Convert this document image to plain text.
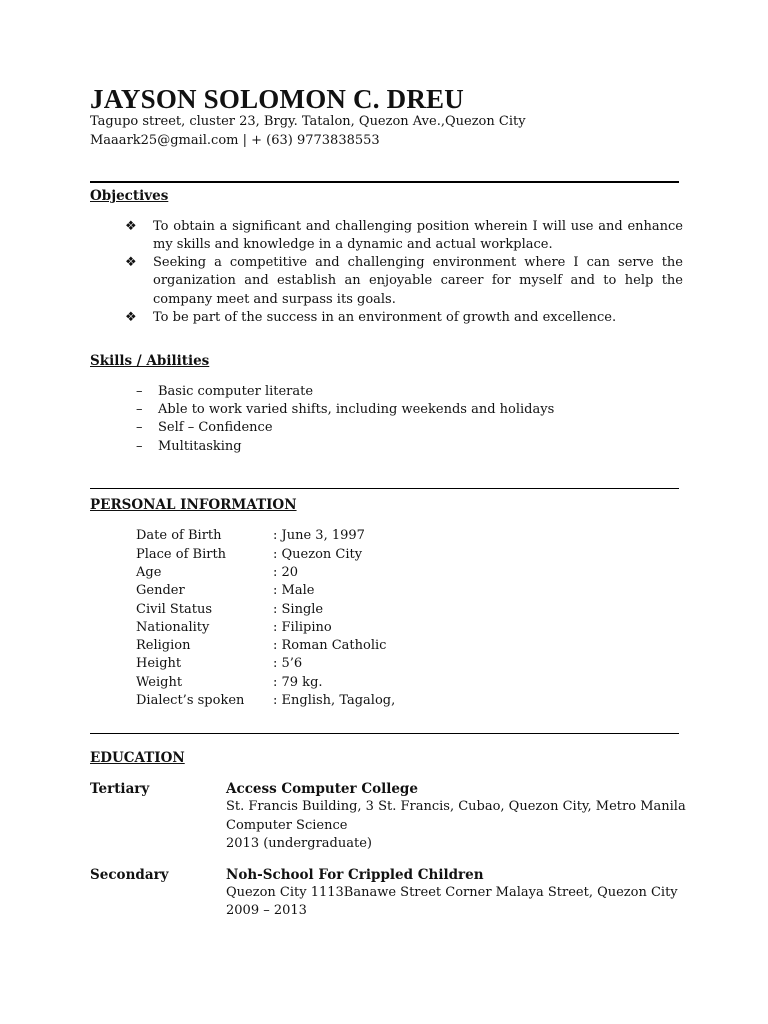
JAYSON SOLOMON C. DREU
Tagupo street, cluster 23, Brgy. Tatalon, Quezon Ave.,Quezon City
Maaark25@gmail.com | + (63) 9773838553
Objectives
❖ To obtain a significant and challenging position wherein I will use and enhance my skills and knowledge in a dynamic and actual workplace.
❖ Seeking a competitive and challenging environment where I can serve the organization and establish an enjoyable career for myself and to help the company meet and surpass its goals.
❖ To be part of the success in an environment of growth and excellence.
Skills / Abilities
– Basic computer literate
– Able to work varied shifts, including weekends and holidays
– Self – Confidence
– Multitasking
PERSONAL INFORMATION
Date of Birth	: June 3, 1997
Place of Birth	: Quezon City
Age	: 20
Gender	: Male
Civil Status	: Single
Nationality	: Filipino
Religion	: Roman Catholic
Height	: 5’6
Weight	: 79 kg.
Dialect’s spoken : English, Tagalog,
EDUCATION
Tertiary	Access Computer College
St. Francis Building, 3 St. Francis, Cubao, Quezon City, Metro Manila
Computer Science
2013 (undergraduate)
Secondary	Noh-School For Crippled Children
Quezon City 1113Banawe Street Corner Malaya Street, Quezon City
2009 – 2013
